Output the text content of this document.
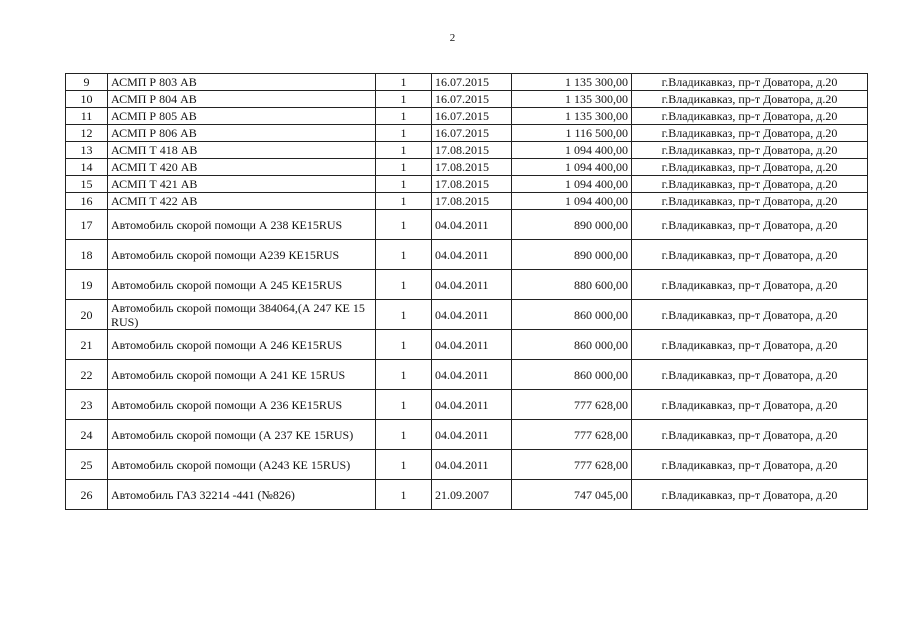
2
9	АСМП Р 803 АВ	1	16.07.2015	1 135 300,00	г.Владикавказ, пр-т Доватора, д.20
10	АСМП Р 804 АВ	1	16.07.2015	1 135 300,00	г.Владикавказ, пр-т Доватора, д.20
11	АСМП Р 805 АВ	1	16.07.2015	1 135 300,00	г.Владикавказ, пр-т Доватора, д.20
12	АСМП Р 806 АВ	1	16.07.2015	1 116 500,00	г.Владикавказ, пр-т Доватора, д.20
13	АСМП Т 418 АВ	1	17.08.2015	1 094 400,00	г.Владикавказ, пр-т Доватора, д.20
14	АСМП Т 420 АВ	1	17.08.2015	1 094 400,00	г.Владикавказ, пр-т Доватора, д.20
15	АСМП Т 421 АВ	1	17.08.2015	1 094 400,00	г.Владикавказ, пр-т Доватора, д.20
16	АСМП Т 422 АВ	1	17.08.2015	1 094 400,00	г.Владикавказ, пр-т Доватора, д.20
17	Автомобиль скорой помощи А 238 КЕ15RUS	1	04.04.2011	890 000,00	г.Владикавказ, пр-т Доватора, д.20
18	Автомобиль скорой помощи А239 КЕ15RUS	1	04.04.2011	890 000,00	г.Владикавказ, пр-т Доватора, д.20
19	Автомобиль скорой помощи А 245 КЕ15RUS	1	04.04.2011	880 600,00	г.Владикавказ, пр-т Доватора, д.20
20	Автомобиль скорой помощи 384064,(А 247 КЕ 15 RUS)	1	04.04.2011	860 000,00	г.Владикавказ, пр-т Доватора, д.20
21	Автомобиль скорой помощи А 246 КЕ15RUS	1	04.04.2011	860 000,00	г.Владикавказ, пр-т Доватора, д.20
22	Автомобиль скорой помощи А 241 КЕ 15RUS	1	04.04.2011	860 000,00	г.Владикавказ, пр-т Доватора, д.20
23	Автомобиль скорой помощи А 236 КЕ15RUS	1	04.04.2011	777 628,00	г.Владикавказ, пр-т Доватора, д.20
24	Автомобиль скорой помощи (А 237 КЕ 15RUS)	1	04.04.2011	777 628,00	г.Владикавказ, пр-т Доватора, д.20
25	Автомобиль скорой помощи (А243 КЕ 15RUS)	1	04.04.2011	777 628,00	г.Владикавказ, пр-т Доватора, д.20
26	Автомобиль ГАЗ 32214 -441 (№826)	1	21.09.2007	747 045,00	г.Владикавказ, пр-т Доватора, д.20
